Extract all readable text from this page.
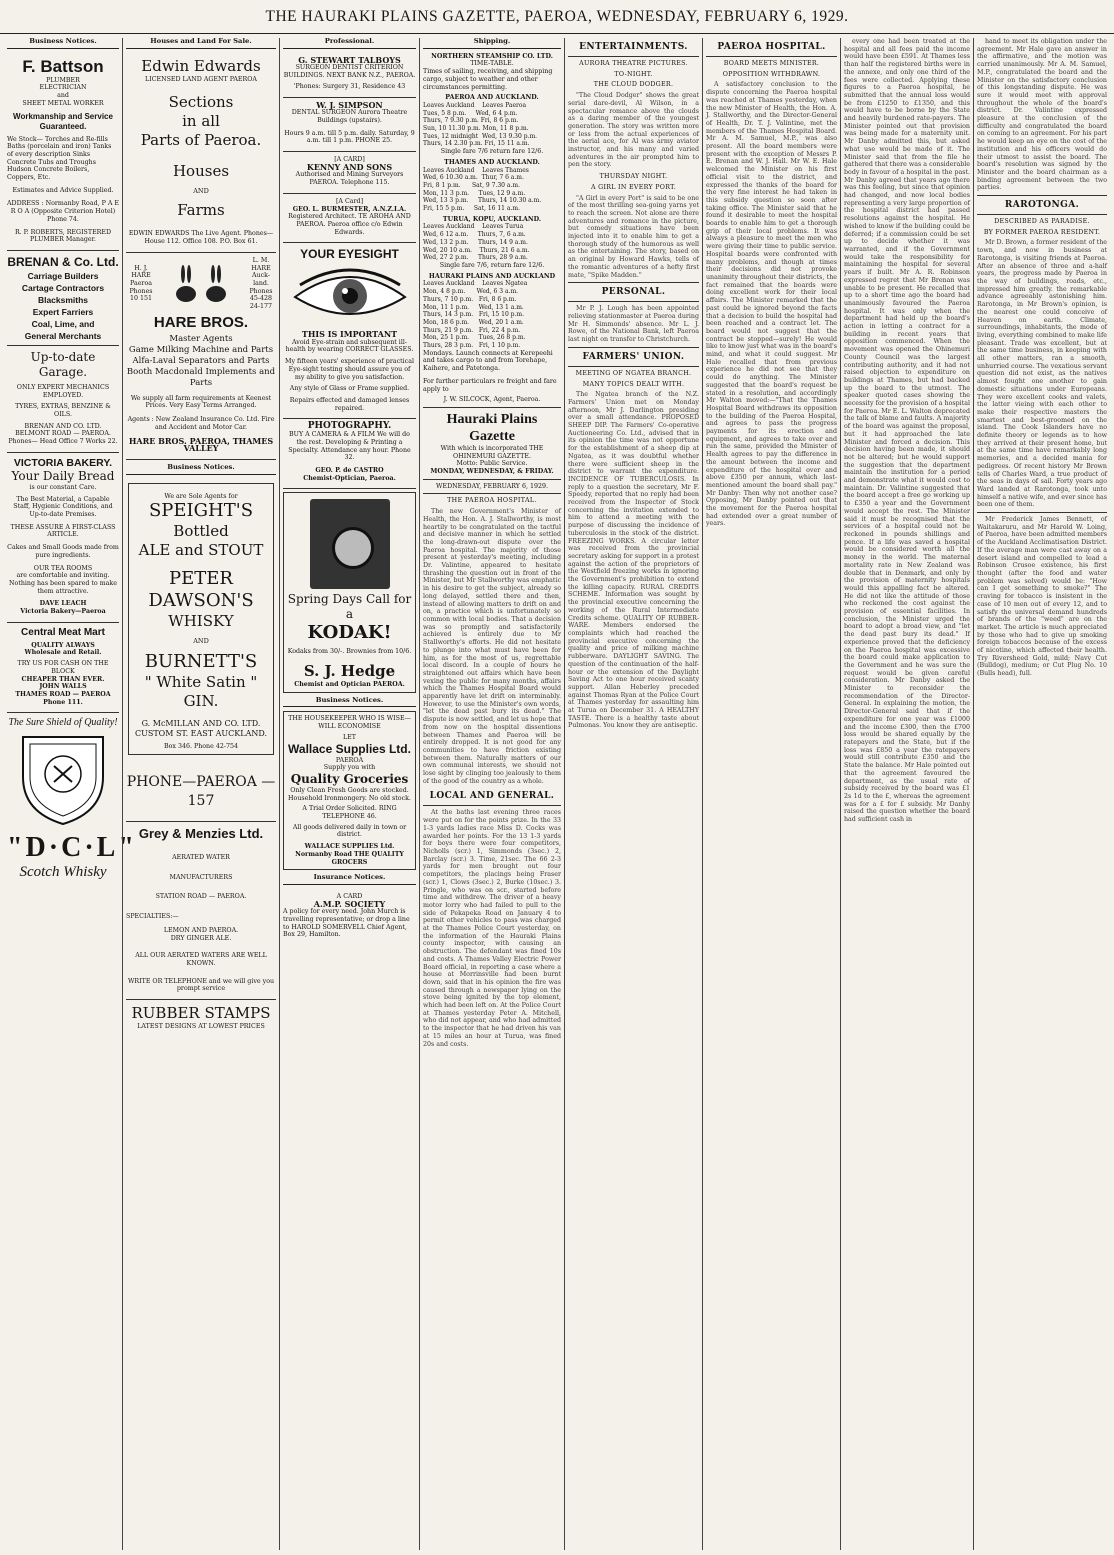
THE HAURAKI PLAINS GAZETTE, PAEROA, WEDNESDAY, FEBRUARY 6, 1929.
Business Notices.
F. Battson
PLUMBER
ELECTRICIAN
and
SHEET METAL WORKER
Workmanship and Service Guaranteed.
We Stock— Torches and Re-fills Baths (porcelain and iron) Tanks of every description Sinks Concrete Tubs and Troughs Hudson Concrete Boilers, Coppers, Etc.
Estimates and Advice Supplied.
ADDRESS : Normanby Road, P A E R O A (Opposite Criterion Hotel) Phone 74.
R. P. ROBERTS, REGISTERED PLUMBER Manager.
BRENAN & Co. Ltd.
Carriage Builders
Cartage Contractors
Blacksmiths
Expert Farriers
Coal, Lime, and
General Merchants
Up-to-date Garage.
ONLY EXPERT MECHANICS EMPLOYED.
TYRES, EXTRAS, BENZINE & OILS.
BRENAN AND CO. LTD. BELMONT ROAD — PAEROA. Phones— Head Office 7 Works 22.
VICTORIA BAKERY.
Your Daily Bread
is our constant Care.
The Best Material, a Capable Staff, Hygienic Conditions, and Up-to-date Premises.
THESE ASSURE A FIRST-CLASS ARTICLE.
Cakes and Small Goods made from pure ingredients.
OUR TEA ROOMS
are comfortable and inviting. Nothing has been spared to make them attractive.
DAVE LEACH
Victoria Bakery—Paeroa
Central Meat Mart
QUALITY ALWAYS
Wholesale and Retail.
TRY US FOR CASH ON THE BLOCK
CHEAPER THAN EVER.
JOHN WALLS
THAMES ROAD — PAEROA Phone 111.
The Sure Shield of Quality!
"D·C·L"
Scotch Whisky
Houses and Land For Sale.
Edwin Edwards
LICENSED LAND AGENT PAEROA
Sections
in all
Parts of Paeroa.
Houses
AND
Farms
EDWIN EDWARDS The Live Agent. Phones—House 112. Office 108. P.O. Box 61.
H. J. HARE Paeroa Phones 10 151
L. M. HARE Auck-land. Phones 45-428 24-177
HARE BROS.
Master Agents
Game Milking Machine and Parts
Alfa-Laval Separators and Parts
Booth Macdonald Implements and Parts
We supply all farm requirements at Keenest Prices. Very Easy Terms Arranged.
Agents : New Zealand Insurance Co. Ltd. Fire and Accident and Motor Car.
HARE BROS. PAEROA, THAMES VALLEY
Business Notices.
We are Sole Agents for
SPEIGHT'S
Bottled
ALE and STOUT
PETER DAWSON'S
WHISKY
AND
BURNETT'S
" White Satin "
GIN.
G. McMILLAN AND CO. LTD.
CUSTOM ST. EAST AUCKLAND.
Box 346. Phone 42-754
PHONE—PAEROA — 157
Grey & Menzies Ltd.
AERATED WATER
MANUFACTURERS
STATION ROAD — PAEROA.
SPECIALTIES:—
LEMON AND PAEROA.
DRY GINGER ALE.
ALL OUR AERATED WATERS ARE WELL KNOWN.
WRITE OR TELEPHONE and we will give you prompt service
RUBBER STAMPS
LATEST DESIGNS AT LOWEST PRICES
Professional.
G. STEWART TALBOYS
SURGEON DENTIST CRITERION BUILDINGS. NEXT BANK N.Z., PAEROA.
'Phones: Surgery 31, Residence 43
W. J. SIMPSON
DENTAL SURGEON Aurora Theatre Buildings (upstairs).
Hours 9 a.m. till 5 p.m. daily. Saturday, 9 a.m. till 1 p.m. PHONE 25.
[A CARD]
KENNY AND SONS
Authorised and Mining Surveyors PAEROA. Telephone 115.
[A Card]
GEO. L. BURMESTER, A.N.Z.I.A.
Registered Architect. TE AROHA AND PAEROA. Paeroa office c/o Edwin Edwards.
YOUR EYESIGHT
THIS IS IMPORTANT
Avoid Eye-strain and subsequent ill-health by wearing CORRECT GLASSES.
My fifteen years' experience of practical Eye-sight testing should assure you of my ability to give you satisfaction.
Any style of Glass or Frame supplied.
Repairs effected and damaged lenses repaired.
PHOTOGRAPHY.
BUY A CAMERA & A FILM We will do the rest. Developing & Printing a Specialty. Attendance any hour. Phone 32.
GEO. P. de CASTRO
Chemist-Optician, Paeroa.
Spring Days Call for a
KODAK!
Kodaks from 30/-. Brownies from 10/6.
S. J. Hedge
Chemist and Optician PAEROA.
Business Notices.
THE HOUSEKEEPER WHO IS WISE— WILL ECONOMISE
LET
Wallace Supplies Ltd.
PAEROA
Supply you with
Quality Groceries
Only Clean Fresh Goods are stocked. Household Ironmongery. No old stock.
A Trial Order Solicited. RING TELEPHONE 46.
All goods delivered daily in town or district.
WALLACE SUPPLIES Ltd. Normanby Road THE QUALITY GROCERS
Insurance Notices.
A CARD
A.M.P. SOCIETY
A policy for every need. John Murch is travelling representative; or drop a line to HAROLD SOMERVELL Chief Agent, Box 29, Hamilton.
Shipping.
NORTHERN STEAMSHIP CO. LTD.
TIME-TABLE.
Times of sailing, receiving, and shipping cargo, subject to weather and other circumstances permitting.
PAEROA AND AUCKLAND.
Leaves Auckland    Leaves Paeroa
Tues, 5 8 p.m.     Wed, 6 4 p.m.
Thurs, 7 9.30 p.m. Fri, 8 6 p.m.
Sun, 10 11.30 p.m. Mon, 11 8 p.m.
Tues, 12 midnight  Wed, 13 9.30 p.m.
Thurs, 14 2.30 p.m. Fri, 15 11 a.m.
Single fare 7/6 return fare 12/6.
THAMES AND AUCKLAND.
Leaves Auckland    Leaves Thames
Wed, 6 10.30 a.m.  Thur, 7 6 a.m.
Fri, 8 1 p.m.      Sat, 9 7.30 a.m.
Mon, 11 3 p.m.     Tues, 12 9 a.m.
Wed, 13 3 p.m.     Thurs, 14 10.30 a.m.
Fri, 15 5 p.m.     Sat, 16 11 a.m.
TURUA, KOPU, AUCKLAND.
Leaves Auckland    Leaves Turua
Wed, 6 12 a.m.     Thurs, 7, 6 a.m.
Wed, 13 2 p.m.     Thurs, 14 9 a.m.
Wed, 20 10 a.m.    Thurs, 21 6 a.m.
Wed, 27 2 p.m.     Thurs, 28 9 a.m.
Single fare 7/6, return fare 12/6.
HAURAKI PLAINS AND AUCKLAND
Leaves Auckland    Leaves Ngatea
Mon, 4 8 p.m.      Wed, 6 3 a.m.
Thurs, 7 10 p.m.   Fri, 8 6 p.m.
Mon, 11 1 p.m.     Wed, 13 1 a.m.
Thurs, 14 3 p.m.   Fri, 15 10 p.m.
Mon, 18 6 p.m.     Wed, 20 1 a.m.
Thurs, 21 9 p.m.   Fri, 22 4 p.m.
Mon, 25 1 p.m.     Tues, 26 8 p.m.
Thurs, 28 3 p.m.   Fri, 1 10 p.m.
Mondays. Launch connects at Kerepeehi and takes cargo to and from Torehape, Kaihere, and Patetonga.
For further particulars re freight and fare apply to
J. W. SILCOCK, Agent, Paeroa.
Hauraki Plains Gazette
With which is incorporated THE OHINEMURI GAZETTE.
Motto: Public Service.
MONDAY, WEDNESDAY, & FRIDAY.
WEDNESDAY, FEBRUARY 6, 1929.
THE PAEROA HOSPITAL.
The new Government's Minister of Health, the Hon. A. J. Stallworthy, is most heartily to be congratulated on the tactful and decisive manner in which he settled the long-drawn-out dispute over the Paeroa hospital. The majority of those present at yesterday's meeting, including Dr. Valintine, appeared to hesitate thrashing the question out in front of the Minister, but Mr Stallworthy was emphatic in his desire to get the subject, already so long delayed, settled there and then, instead of allowing matters to drift on and on, a practice which is unfortunately so common with local bodies. That a decision was so promptly and satisfactorily achieved is entirely due to Mr Stallworthy's efforts. He did not hesitate to plunge into what must have been for him, as for the most of us, regrettable local discord. In a couple of hours he straightened out affairs which have been vexing the public for many months, affairs which the Thames Hospital Board would apparently have let drift on interminably. However, to use the Minister's own words, "let the dead past bury its dead." The dispute is now settled, and let us hope that from now on the hospital dissentions between Thames and Paeroa will be entirely dropped. It is not good for any communities to have friction existing between them. Naturally matters of our own communal interests, we should not lose sight by clinging too jealously to them of the good of the country as a whole.
LOCAL AND GENERAL.
At the baths last evening three races were put on for the points prize. In the 33 1-3 yards ladies race Miss D. Cocks was awarded her points. For the 13 1-3 yards for boys there were four competitors, Nicholls (scr.) 1, Simmonds (3sec.) 2, Barclay (scr.) 3. Time, 21sec. The 66 2-3 yards for men brought out four competitors, the placings being Fraser (scr.) 1, Clows (3sec.) 2, Burke (10sec.) 3. Pringle, who was on scr., started before time and withdrew. The driver of a heavy motor lorry who had failed to pull to the side of Pekapeka Road on January 4 to permit other vehicles to pass was charged at the Thames Police Court yesterday, on the information of the Hauraki Plains county inspector, with causing an obstruction. The defendant was fined 10s and costs. A Thames Valley Electric Power Board official, in reporting a case where a house at Morrinsville had been burnt down, said that in his opinion the fire was caused through a newspaper lying on the stove being ignited by the top element, which had been left on. At the Police Court at Thames yesterday Peter A. Mitchell, who did not appear, and who had admitted to the inspector that he had driven his van at 15 miles an hour at Turua, was fined 20s and costs.
ENTERTAINMENTS.
AURORA THEATRE PICTURES.
TO-NIGHT.
THE CLOUD DODGER.
"The Cloud Dodger" shows the great serial dare-devil, Al Wilson, in a spectacular romance above the clouds as a daring member of the youngest generation. The story was written more or less from the actual experiences of the aerial ace, for Al was army aviator instructor, and his many and varied adventures in the air prompted him to pen the story.
THURSDAY NIGHT.
A GIRL IN EVERY PORT.
"A Girl in every Port" is said to be one of the most thrilling sea-going yarns yet to reach the screen. Not alone are there adventures and romance in the picture, but comedy situations have been injected into it to enable him to get a thorough study of the humorous as well as the entertaining. The story, based on an original by Howard Hawks, tells of the romantic adventures of a hefty first mate, "Spike Madden."
PERSONAL.
Mr P. J. Lough has been appointed relieving stationmaster at Paeroa during Mr H. Simmonds' absence. Mr L. J. Rowe, of the National Bank, left Paeroa last night on transfer to Christchurch.
FARMERS' UNION.
MEETING OF NGATEA BRANCH.
MANY TOPICS DEALT WITH.
The Ngatea branch of the N.Z. Farmers' Union met on Monday afternoon, Mr J. Darlington presiding over a small attendance. PROPOSED SHEEP DIP. The Farmers' Co-operative Auctioneering Co. Ltd., advised that in its opinion the time was not opportune for the establishment of a sheep dip at Ngatea, as it was doubtful whether there were sufficient sheep in the district to warrant the expenditure. INCIDENCE OF TUBERCULOSIS. In reply to a question the secretary, Mr F. Speedy, reported that no reply had been received from the Inspector of Stock concerning the invitation extended to him to attend a meeting with the purpose of discussing the incidence of tuberculosis in the stock of the district. FREEZING WORKS. A circular letter was received from the provincial secretary asking for support in a protest against the action of the proprietors of the Westfield freezing works in ignoring the Government's prohibition to extend the killing capacity. RURAL CREDITS SCHEME. Information was sought by the provincial executive concerning the working of the Rural Intermediate Credits scheme. QUALITY OF RUBBER-WARE. Members endorsed the complaints which had reached the provincial executive concerning the quality and price of milking machine rubberware. DAYLIGHT SAVING. The question of the continuation of the half-hour or the extension of the Daylight Saving Act to one hour received scanty support. Allan Heberley preceded against Thomas Ryan at the Police Court at Thames yesterday for assaulting him at Turua on December 31. A HEALTHY TASTE. There is a healthy taste about Pulmonas. You know they are antiseptic.
PAEROA HOSPITAL.
BOARD MEETS MINISTER.
OPPOSITION WITHDRAWN.
A satisfactory conclusion to the dispute concerning the Paeroa hospital was reached at Thames yesterday, when the new Minister of Health, the Hon. A. J. Stallworthy, and the Director-General of Health, Dr. T. J. Valintine, met the members of the Thames Hospital Board. Mr A. M. Samuel, M.P., was also present. All the board members were present with the exception of Messrs P. E. Brenan and W. J. Hall. Mr W. E. Hale welcomed the Minister on his first official visit to the district, and expressed the thanks of the board for the very fine interest he had taken in this subsidy question so soon after taking office. The Minister said that he found it desirable to meet the hospital boards to enable him to get a thorough grip of their local problems. It was always a pleasure to meet the men who were giving their time to public service. Hospital boards were confronted with many problems, and though at times their decisions did not provoke unanimity throughout their districts, the fact remained that the boards were doing excellent work for their local affairs. The Minister remarked that the past could be ignored beyond the facts that a decision to build the hospital had been reached and a contract let. The board would not suggest that the contract be stopped—surely! He would like to know just what was in the board's mind, and what it could suggest. Mr Hale recalled that from previous experience he did not see that they could do anything. The Minister suggested that the board's request be stated in a resolution, and accordingly Mr Walton moved:—"That the Thames Hospital Board withdraws its opposition to the building of the Paeroa Hospital, and agrees to pass the progress payments for its erection and equipment, and agrees to take over and run the same, provided the Minister of Health agrees to pay the difference in the amount between the income and expenditure of the hospital over and above £350 per annum, which last-mentioned amount the board shall pay." Mr Danby: Then why not another case? Opposing, Mr Danby pointed out that the movement for the Paeroa hospital had extended over a great number of years.
every one had been treated at the hospital and all fees paid the income would have been £591. At Thames less than half the registered births were in the annexe, and only one third of the fees were collected. Applying these figures to a Paeroa hospital, he submitted that the annual loss would be from £1250 to £1350, and this would have to be borne by the State and heavily burdened rate-payers. The Minister pointed out that provision was being made for a maternity unit. Mr Danby admitted this, but asked what use would be made of it. The Minister said that from the file he gathered that there was a considerable body in favour of a hospital in the past. Mr Danby agreed that years ago there was this feeling, but since that opinion had changed, and now local bodies representing a very large proportion of the hospital district had passed resolutions against the hospital. He wished to know if the building could be deferred; if a commission could be set up to decide whether it was warranted, and if the Government would take the responsibility for maintaining the hospital for several years if built. Mr A. R. Robinson expressed regret that Mr Brenan was unable to be present. He recalled that up to a short time ago the board had unanimously favoured the Paeroa hospital. It was only when the department had held up the board's action in letting a contract for a building in recent years that opposition commenced. When the movement was opened the Ohinemuri County Council was the largest contributing authority, and it had not raised objection to expenditure on buildings at Thames, but had backed up the board to the utmost. The speaker quoted cases showing the necessity for the provision of a hospital for Paeroa. Mr E. L. Walton deprecated the talk of blame and faults. A majority of the board was against the proposal, but it had approached the late Minister and forced a decision. This decision having been made, it should not be altered; but he would support the suggestion that the department maintain the institution for a period and demonstrate what it would cost to maintain. Dr. Valintine suggested that the board accept a free go working up to £350 a year and the Government would accept the rest. The Minister said it must be recognised that the services of a hospital could not be reckoned in pounds shillings and pence. If a life was saved a hospital would be considered worth all the money in the world. The maternal mortality rate in New Zealand was double that in Denmark, and only by the provision of maternity hospitals would this appalling fact be altered. He did not like the attitude of those who reckoned the cost against the provision of essential facilities. In conclusion, the Minister urged the board to adopt a broad view, and "let the dead past bury its dead." If experience proved that the deficiency on the Paeroa hospital was excessive the board could make application to the Government and he was sure the request would be given careful consideration. Mr Danby asked the Minister to reconsider the recommendation of the Director-General. In explaining the motion, the Director-General said that if the expenditure for one year was £1000 and the income £300, then the £700 loss would be shared equally by the ratepayers and the State, but if the loss was £850 a year the ratepayers would still contribute £350 and the State the balance. Mr Hale pointed out that the agreement favoured the department, as the usual rate of subsidy received by the board was £1 2s 1d to the £, whereas the agreement was for a £ for £ subsidy. Mr Danby raised the question whether the board had sufficient cash in
hand to meet its obligation under the agreement. Mr Hale gave an answer in the affirmative, and the motion was carried unanimously. Mr A. M. Samuel, M.P., congratulated the board and the Minister on the satisfactory conclusion of this longstanding dispute. He was sure it would meet with approval throughout the whole of the board's district. Dr. Valintine expressed pleasure at the conclusion of the difficulty and congratulated the board on coming to an agreement. For his part he would keep an eye on the cost of the institution and his officers would do their utmost to assist the board. The board's resolution was signed by the Minister and the board chairman as a binding agreement between the two parties.
RAROTONGA.
DESCRIBED AS PARADISE.
BY FORMER PAEROA RESIDENT.
Mr D. Brown, a former resident of the town, and now in business at Rarotonga, is visiting friends at Paeroa. After an absence of three and a-half years, the progress made by Paeroa in the way of buildings, roads, etc., impressed him greatly. the remarkable advance agreeably astonishing him. Rarotonga, in Mr Brown's opinion, is the nearest one could conceive of Heaven on earth. Climate, surroundings, inhabitants, the mode of living, everything combined to make life pleasant. Trade was excellent, but at the same time business, in keeping with all other matters, ran a smooth, unhurried course. The vexatious servant question did not exist, as the natives almost fought one another to gain domestic situations under Europeans. They were excellent cooks and valets, the latter vieing with each other to make their respective masters the smartest and best-groomed on the island. The Cook Islanders have no definite theory or legends as to how they arrived at their present home, but at the same time have remarkably long memories, and a decided mania for pedigrees. Of recent history Mr Brown tells of Charles Ward, a true product of the seas in days of sail. Forty years ago Ward landed at Rarotonga, took unto himself a native wife, and ever since has been one of them.
Mr Frederick James Bennett, of Waitakaruru, and Mr Harold W. Loing, of Paeroa, have been admitted members of the Auckland Acclimatisation District. If the average man were cast away on a desert island and compelled to lead a Robinson Crusoe existence, his first thought (after the food and water problem was solved) would be: "How can I get something to smoke?" The craving for tobacco is insistent in the case of 10 men out of every 12, and to satisfy the universal demand hundreds of brands of the "weed" are on the market. The article is much appreciated by those who had to give up smoking foreign tobaccos because of the excess of nicotine, which affected their health. Try Riversheed Gold, mild; Navy Cut (Bulldog), medium; or Cut Plug No. 10 (Bulls head), full.
